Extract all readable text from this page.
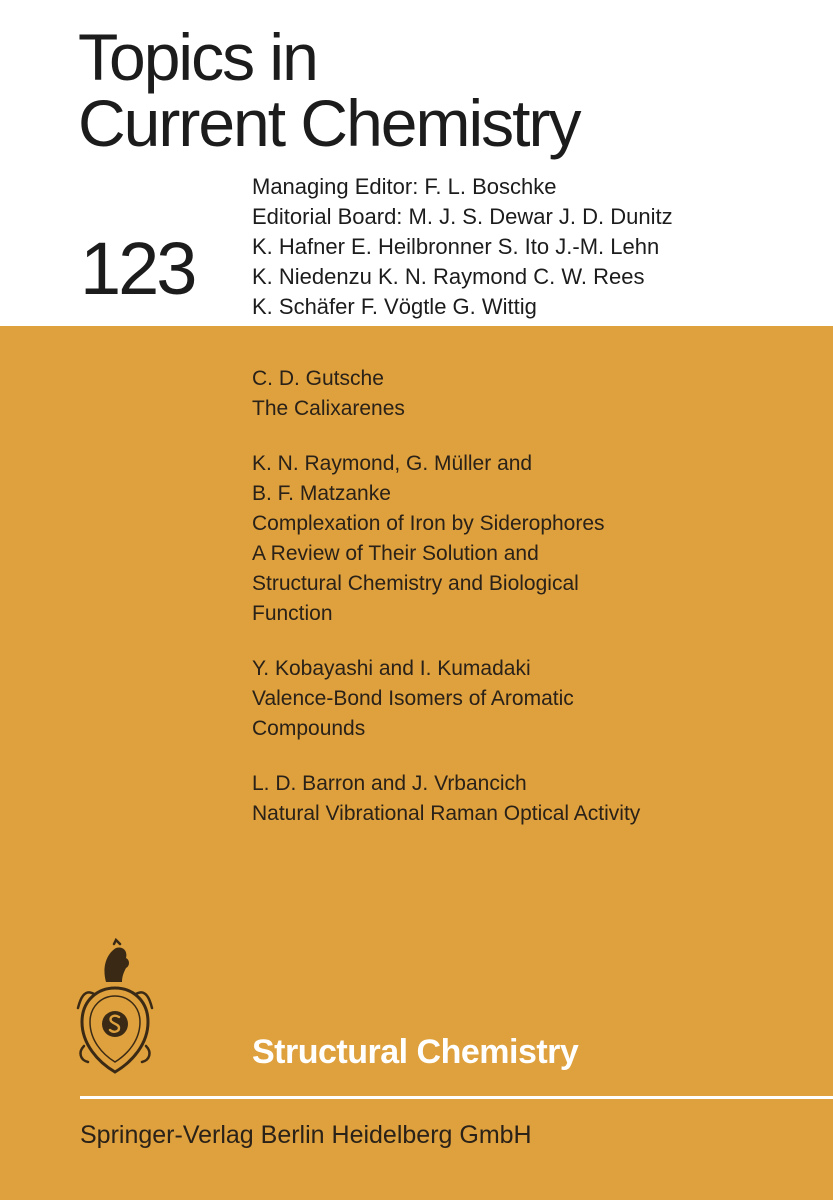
Topics in
Current Chemistry
123
Managing Editor: F. L. Boschke
Editorial Board: M. J. S. Dewar J. D. Dunitz
K. Hafner E. Heilbronner S. Ito J.-M. Lehn
K. Niedenzu K. N. Raymond C. W. Rees
K. Schäfer F. Vögtle G. Wittig
C. D. Gutsche
The Calixarenes
K. N. Raymond, G. Müller and
B. F. Matzanke
Complexation of Iron by Siderophores
A Review of Their Solution and
Structural Chemistry and Biological
Function
Y. Kobayashi and I. Kumadaki
Valence-Bond Isomers of Aromatic
Compounds
L. D. Barron and J. Vrbancich
Natural Vibrational Raman Optical Activity
Structural Chemistry
Springer-Verlag Berlin Heidelberg GmbH
